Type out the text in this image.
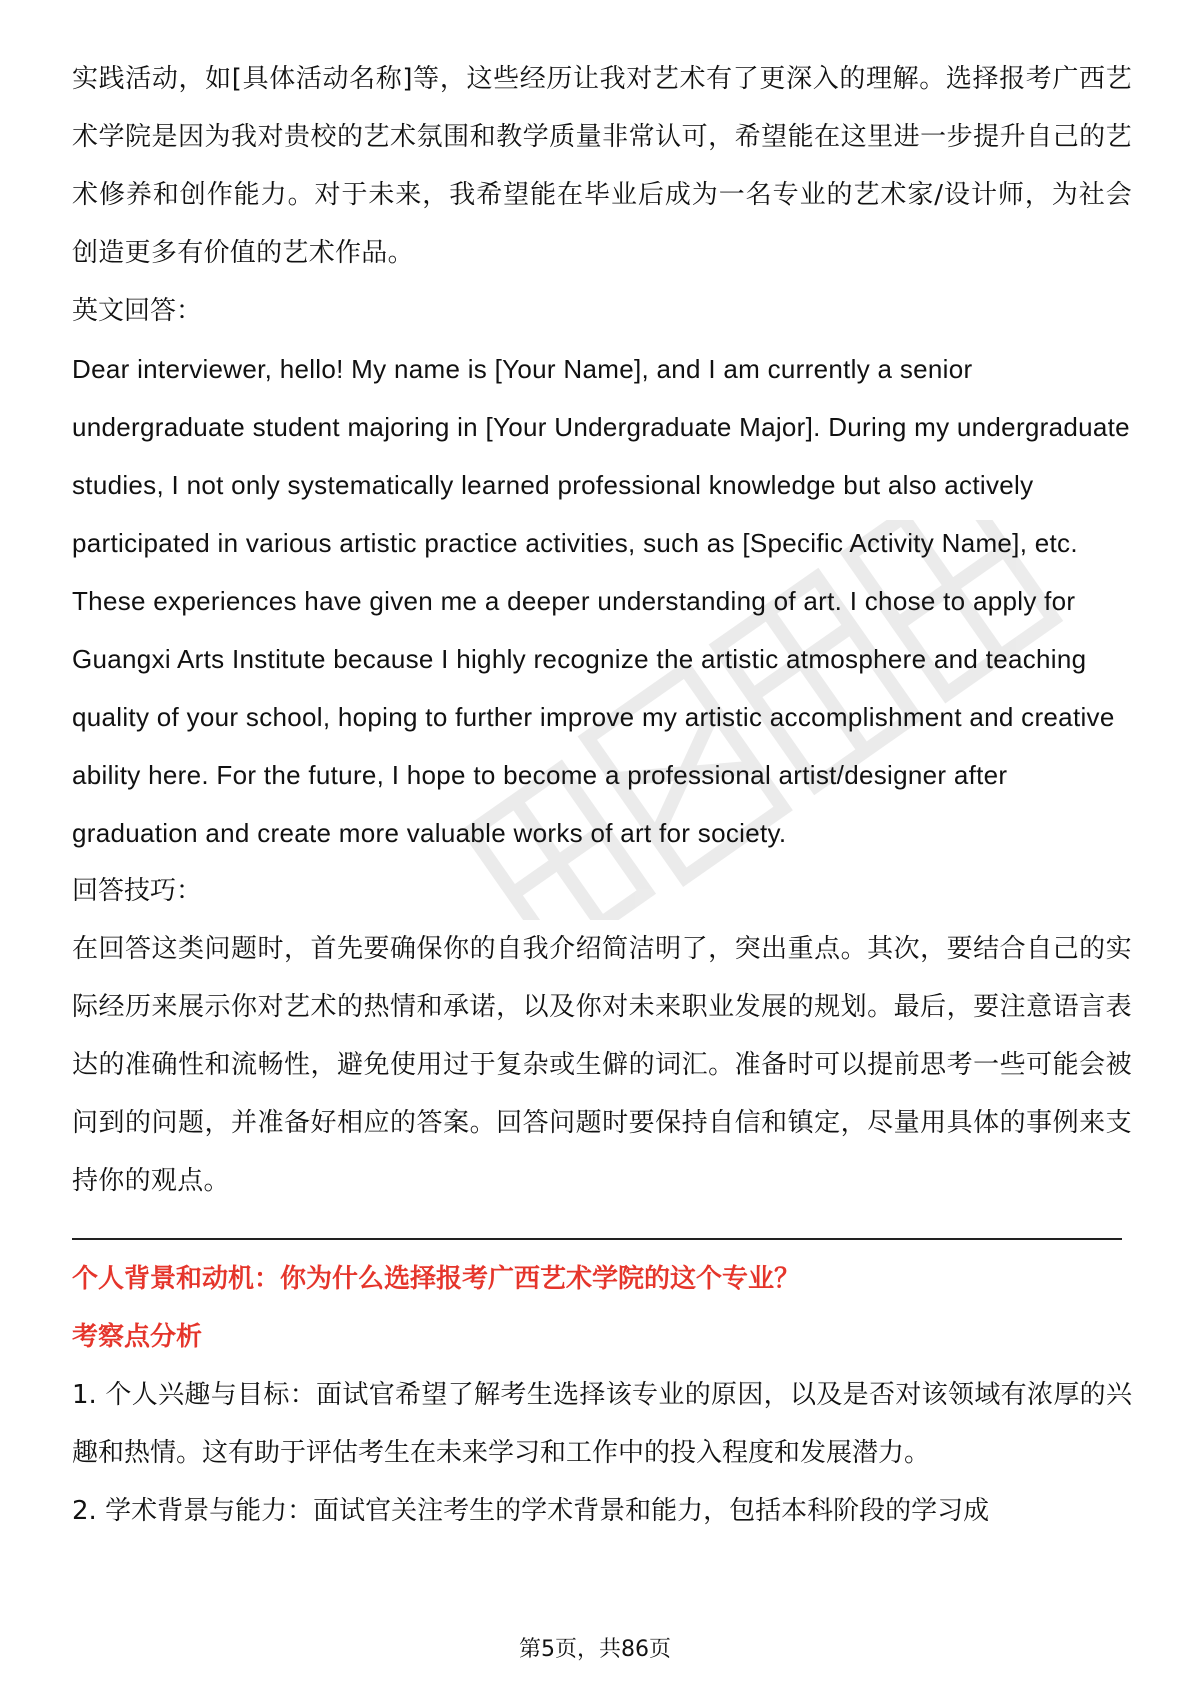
实践活动，如[具体活动名称]等，这些经历让我对艺术有了更深入的理解。选择报考广西艺术学院是因为我对贵校的艺术氛围和教学质量非常认可，希望能在这里进一步提升自己的艺术修养和创作能力。对于未来，我希望能在毕业后成为一名专业的艺术家/设计师，为社会创造更多有价值的艺术作品。

英文回答：

Dear interviewer, hello! My name is [Your Name], and I am currently a senior undergraduate student majoring in [Your Undergraduate Major]. During my undergraduate studies, I not only systematically learned professional knowledge but also actively participated in various artistic practice activities, such as [Specific Activity Name], etc. These experiences have given me a deeper understanding of art. I chose to apply for Guangxi Arts Institute because I highly recognize the artistic atmosphere and teaching quality of your school, hoping to further improve my artistic accomplishment and creative ability here. For the future, I hope to become a professional artist/designer after graduation and create more valuable works of art for society.

回答技巧：

在回答这类问题时，首先要确保你的自我介绍简洁明了，突出重点。其次，要结合自己的实际经历来展示你对艺术的热情和承诺，以及你对未来职业发展的规划。最后，要注意语言表达的准确性和流畅性，避免使用过于复杂或生僻的词汇。准备时可以提前思考一些可能会被问到的问题，并准备好相应的答案。回答问题时要保持自信和镇定，尽量用具体的事例来支持你的观点。

个人背景和动机：你为什么选择报考广西艺术学院的这个专业？

考察点分析

1. 个人兴趣与目标：面试官希望了解考生选择该专业的原因，以及是否对该领域有浓厚的兴趣和热情。这有助于评估考生在未来学习和工作中的投入程度和发展潜力。

2. 学术背景与能力：面试官关注考生的学术背景和能力，包括本科阶段的学习成

第5页，共86页
